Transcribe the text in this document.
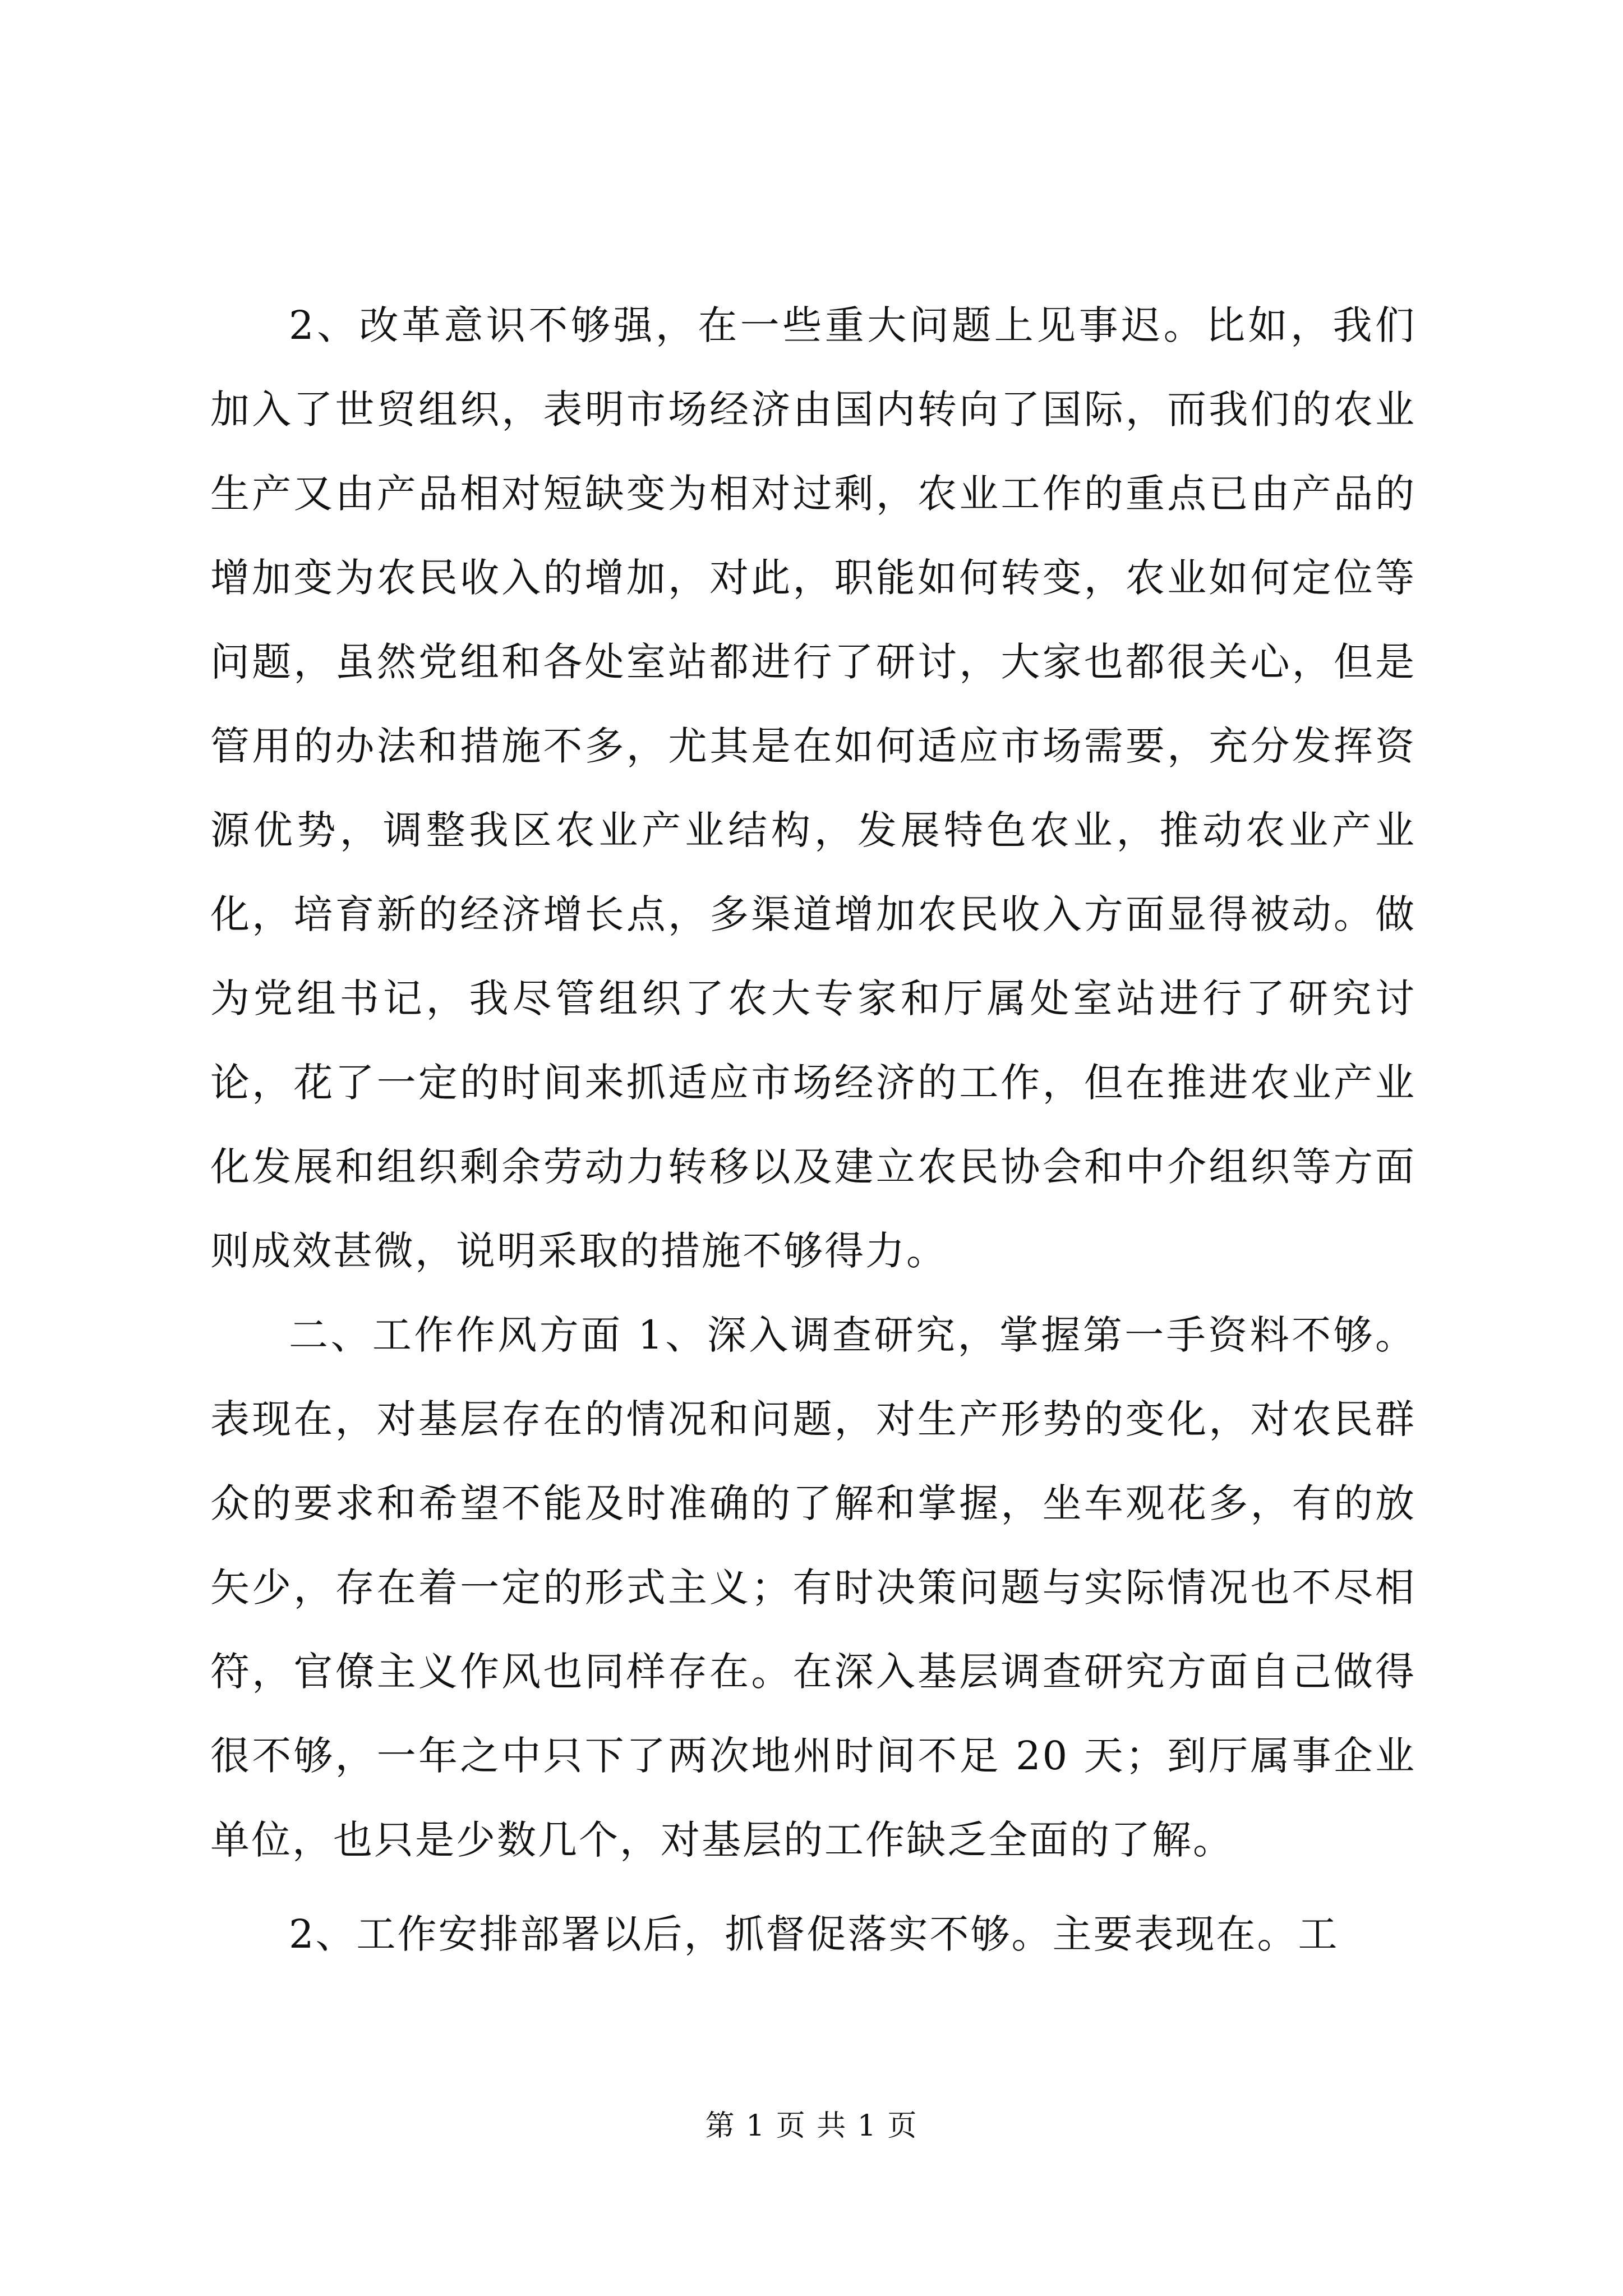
2、改革意识不够强，在一些重大问题上见事迟。比如，我们加入了世贸组织，表明市场经济由国内转向了国际，而我们的农业生产又由产品相对短缺变为相对过剩，农业工作的重点已由产品的增加变为农民收入的增加，对此，职能如何转变，农业如何定位等问题，虽然党组和各处室站都进行了研讨，大家也都很关心，但是管用的办法和措施不多，尤其是在如何适应市场需要，充分发挥资源优势，调整我区农业产业结构，发展特色农业，推动农业产业化，培育新的经济增长点，多渠道增加农民收入方面显得被动。做为党组书记，我尽管组织了农大专家和厅属处室站进行了研究讨论，花了一定的时间来抓适应市场经济的工作，但在推进农业产业化发展和组织剩余劳动力转移以及建立农民协会和中介组织等方面则成效甚微，说明采取的措施不够得力。

二、工作作风方面 1、深入调查研究，掌握第一手资料不够。表现在，对基层存在的情况和问题，对生产形势的变化，对农民群众的要求和希望不能及时准确的了解和掌握，坐车观花多，有的放矢少，存在着一定的形式主义；有时决策问题与实际情况也不尽相符，官僚主义作风也同样存在。在深入基层调查研究方面自己做得很不够，一年之中只下了两次地州时间不足 20 天；到厅属事企业单位，也只是少数几个，对基层的工作缺乏全面的了解。

2、工作安排部署以后，抓督促落实不够。主要表现在。工

第 1 页 共 1 页
